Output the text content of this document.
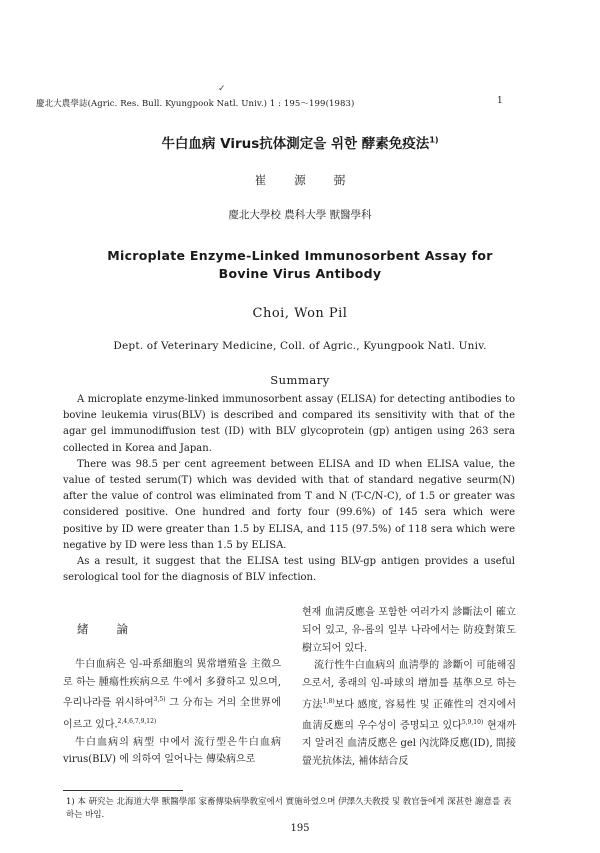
✓
慶北大農學誌(Agric. Res. Bull. Kyungpook Natl. Univ.) 1 : 195～199(1983)	1
牛白血病 Virus抗体測定을 위한 酵素免疫法$^{1)}$
崔 源 弼
慶北大學校 農科大學 獸醫學科
Microplate Enzyme-Linked Immunosorbent Assay for
Bovine Virus Antibody
Choi, Won Pil
Dept. of Veterinary Medicine, Coll. of Agric., Kyungpook Natl. Univ.
Summary

A microplate enzyme-linked immunosorbent assay (ELISA) for detecting antibodies to bovine leukemia virus(BLV) is described and compared its sensitivity with that of the agar gel immunodiffusion test (ID) with BLV glycoprotein (gp) antigen using 263 sera collected in Korea and Japan.

There was 98.5 per cent agreement between ELISA and ID when ELISA value, the value of tested serum(T) which was devided with that of standard negative seurm(N) after the value of control was eliminated from T and N (T-C/N-C), of 1.5 or greater was considered positive. One hundred and forty four (99.6%) of 145 sera which were positive by ID were greater than 1.5 by ELISA, and 115 (97.5%) of 118 sera which were negative by ID were less than 1.5 by ELISA.

As a result, it suggest that the ELISA test using BLV-gp antigen provides a useful serological tool for the diagnosis of BLV infection.

緒 論

牛白血病은 임-파系細胞의 異常增殖을 主徵으로 하는 腫瘍性疾病으로 牛에서 多發하고 있으며, 우리나라를 위시하여$^{3,5)}$ 그 分布는 거의 全世界에 이르고 있다.$^{2,4,6,7,9,12)}$

牛白血病의 病型 中에서 流行型은牛白血病 virus(BLV) 에 의하여 일어나는 傳染病으로

현재 血淸反應을 포함한 여러가지 診斷法이 確立되어 있고, 유-롭의 일부 나라에서는 防疫對策도 樹立되어 있다.

流行性牛白血病의 血淸學的 診斷이 可能해짐으로서, 종래의 임-파球의 增加를 基準으로 하는 方法$^{1,8)}$보다 感度, 容易性 및 正確性의 견지에서 血淸反應의 우수성이 증명되고 있다$^{5,9,10)}$ 현재까지 알려진 血淸反應은 gel 內沈降反應(ID), 間接螢光抗体法, 補体結合反

1) 本 硏究는 北海道大學 獸醫學部 家畜傳染病學敎室에서 實施하였으며 伊澤久夫敎授 및 敎官들에게 深甚한 謝意를 表하는 바임.
195
